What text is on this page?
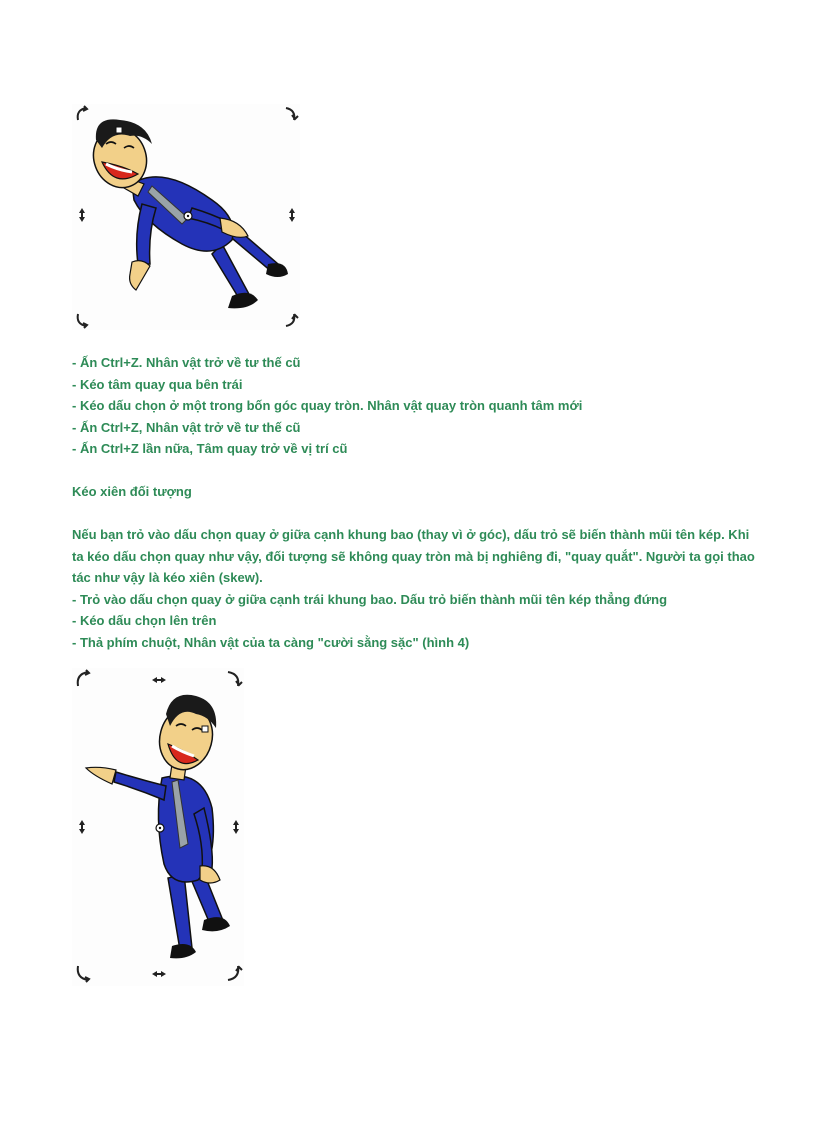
- Ấn Ctrl+Z. Nhân vật trở về tư thế cũ
- Kéo tâm quay qua bên trái
- Kéo dấu chọn ở một trong bốn góc quay tròn. Nhân vật quay tròn quanh tâm mới
- Ấn Ctrl+Z, Nhân vật trở về tư thế cũ
- Ấn Ctrl+Z lần nữa, Tâm quay trở về vị trí cũ
Kéo xiên đối tượng
Nếu bạn trỏ vào dấu chọn quay ở giữa cạnh khung bao (thay vì ở góc), dấu trỏ sẽ biến thành mũi tên kép. Khi
ta kéo dấu chọn quay như vậy, đối tượng sẽ không quay tròn mà bị nghiêng đi, "quay quắt". Người ta gọi thao
tác như vậy là kéo xiên (skew).
- Trỏ vào dấu chọn quay ở giữa cạnh trái khung bao. Dấu trỏ biến thành mũi tên kép thẳng đứng
- Kéo dấu chọn lên trên
- Thả phím chuột, Nhân vật của ta càng "cười sằng sặc" (hình 4)
